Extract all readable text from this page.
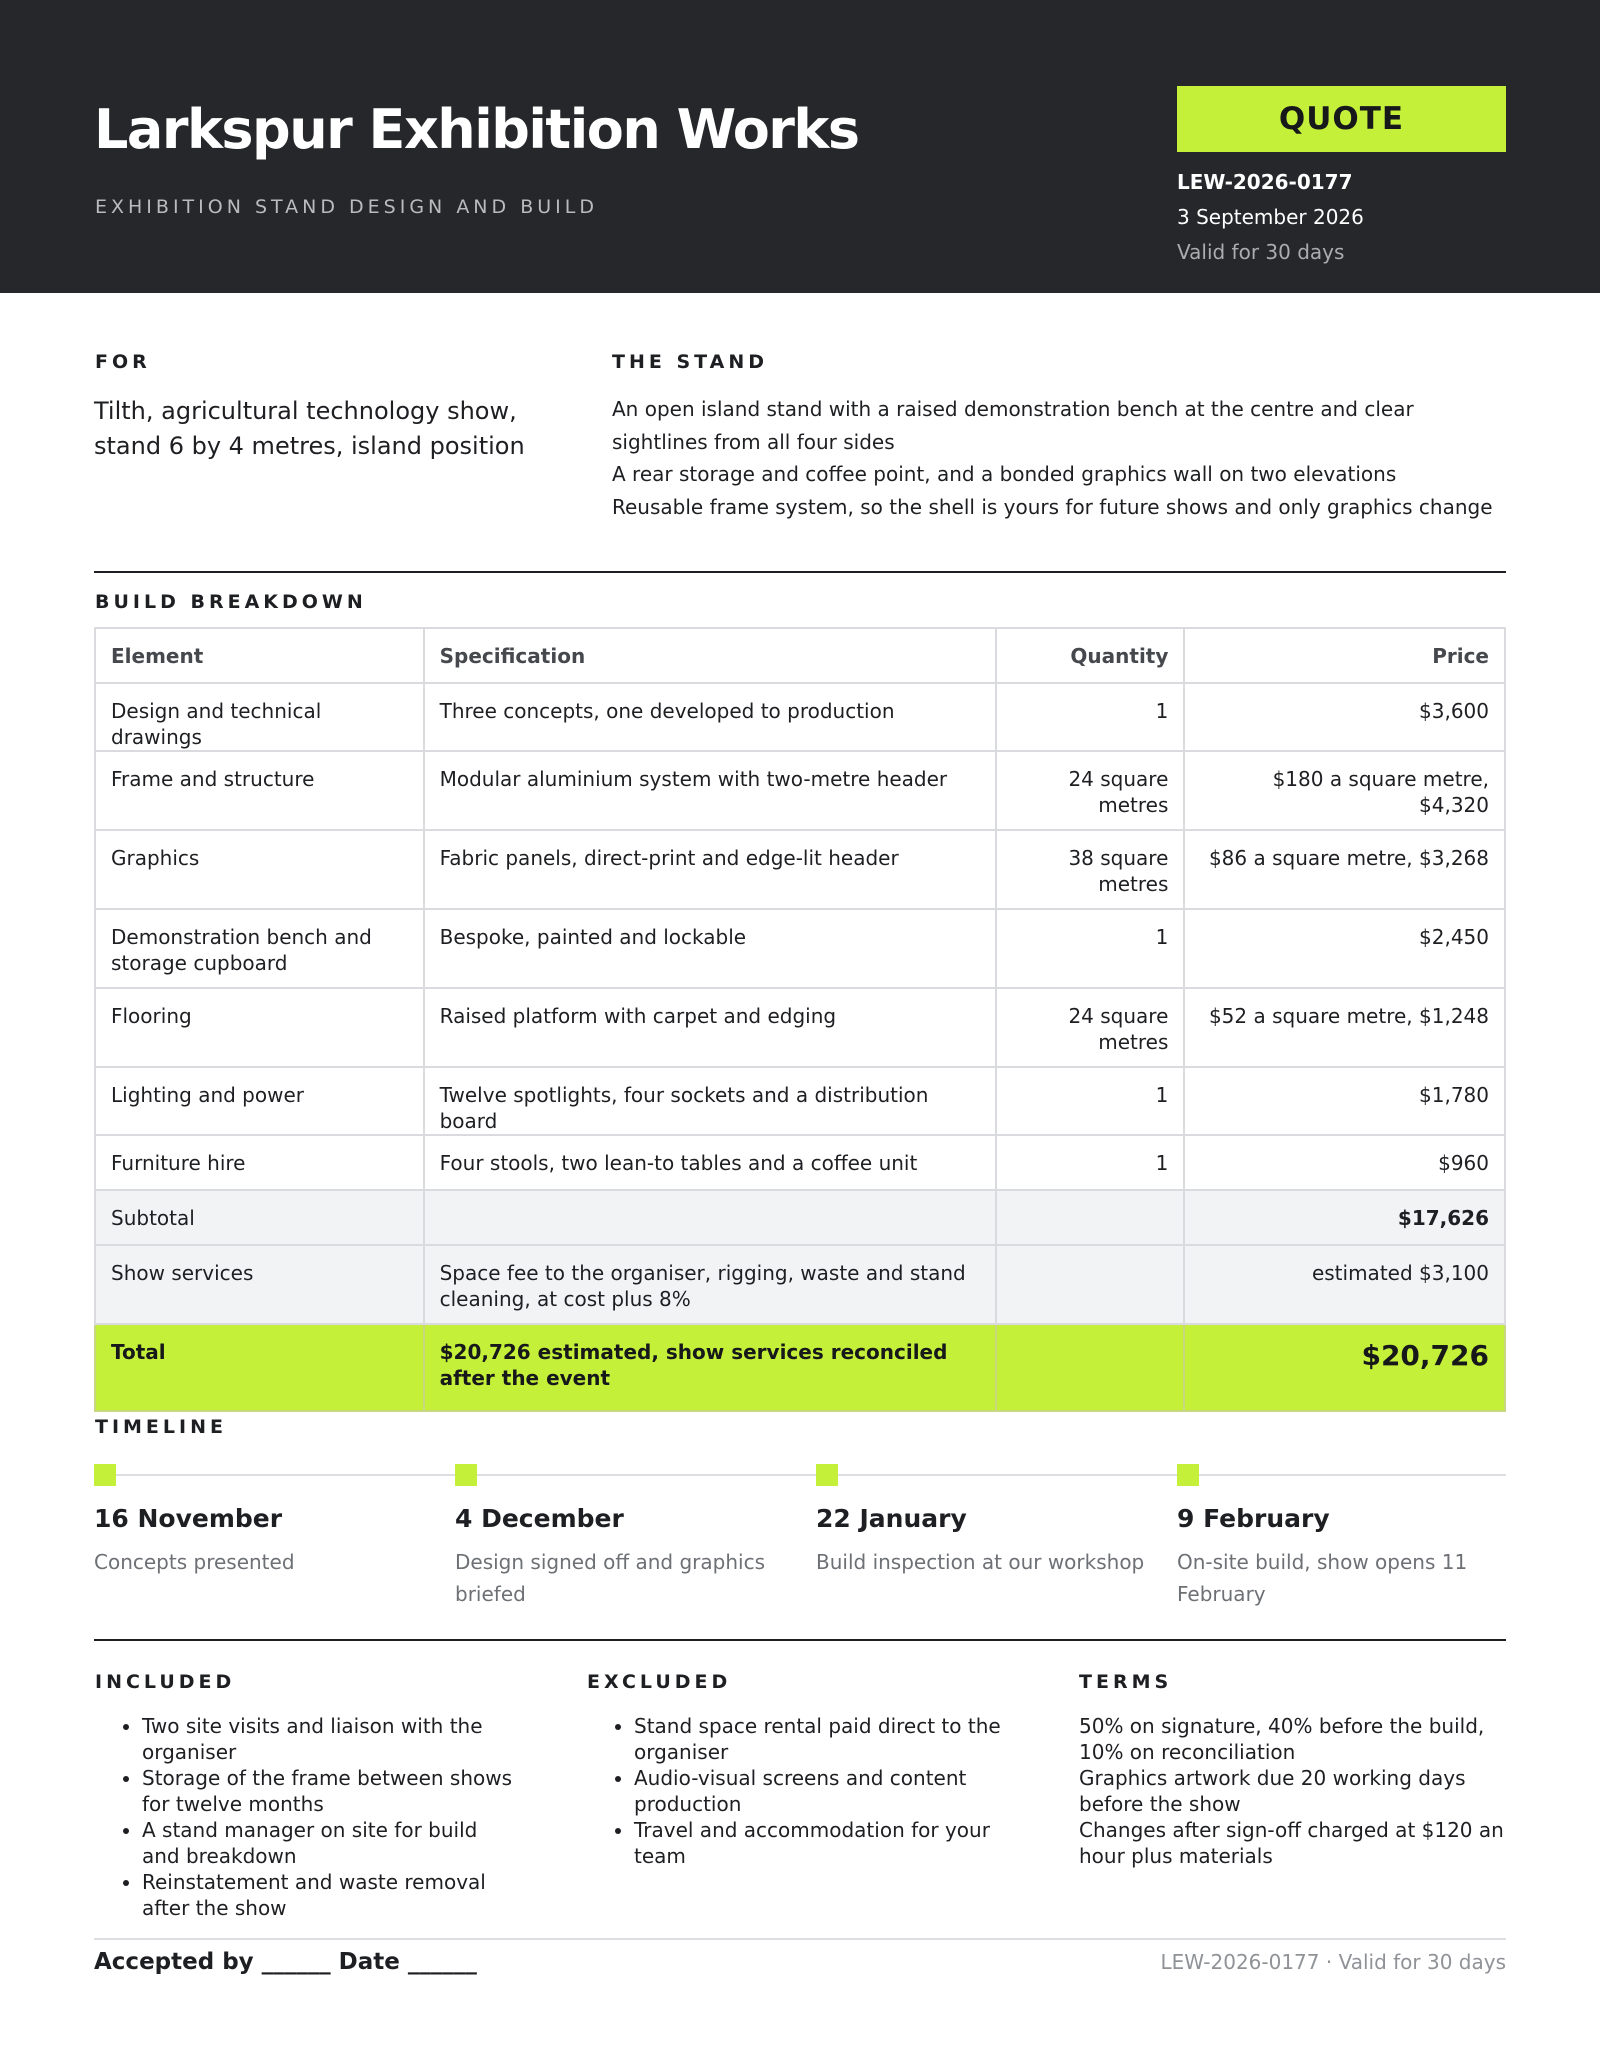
Larkspur Exhibition Works
EXHIBITION STAND DESIGN AND BUILD
QUOTE
LEW-2026-0177
3 September 2026
Valid for 30 days
FOR
Tilth, agricultural technology show, stand 6 by 4 metres, island position
THE STAND
An open island stand with a raised demonstration bench at the centre and clear sightlines from all four sides
A rear storage and coffee point, and a bonded graphics wall on two elevations
Reusable frame system, so the shell is yours for future shows and only graphics change
BUILD BREAKDOWN
Element	Specification	Quantity	Price
Design and technical drawings	Three concepts, one developed to production	1	$3,600
Frame and structure	Modular aluminium system with two-metre header	24 square metres	$180 a square metre, $4,320
Graphics	Fabric panels, direct-print and edge-lit header	38 square metres	$86 a square metre, $3,268
Demonstration bench and storage cupboard	Bespoke, painted and lockable	1	$2,450
Flooring	Raised platform with carpet and edging	24 square metres	$52 a square metre, $1,248
Lighting and power	Twelve spotlights, four sockets and a distribution board	1	$1,780
Furniture hire	Four stools, two lean-to tables and a coffee unit	1	$960
Subtotal			$17,626
Show services	Space fee to the organiser, rigging, waste and stand cleaning, at cost plus 8%		estimated $3,100
Total	$20,726 estimated, show services reconciled after the event		$20,726
TIMELINE
16 November
Concepts presented
4 December
Design signed off and graphics briefed
22 January
Build inspection at our workshop
9 February
On-site build, show opens 11 February
INCLUDED
• Two site visits and liaison with the organiser
• Storage of the frame between shows for twelve months
• A stand manager on site for build and breakdown
• Reinstatement and waste removal after the show
EXCLUDED
• Stand space rental paid direct to the organiser
• Audio-visual screens and content production
• Travel and accommodation for your team
TERMS
50% on signature, 40% before the build, 10% on reconciliation
Graphics artwork due 20 working days before the show
Changes after sign-off charged at $120 an hour plus materials
Accepted by ______ Date ______	LEW-2026-0177 · Valid for 30 days
